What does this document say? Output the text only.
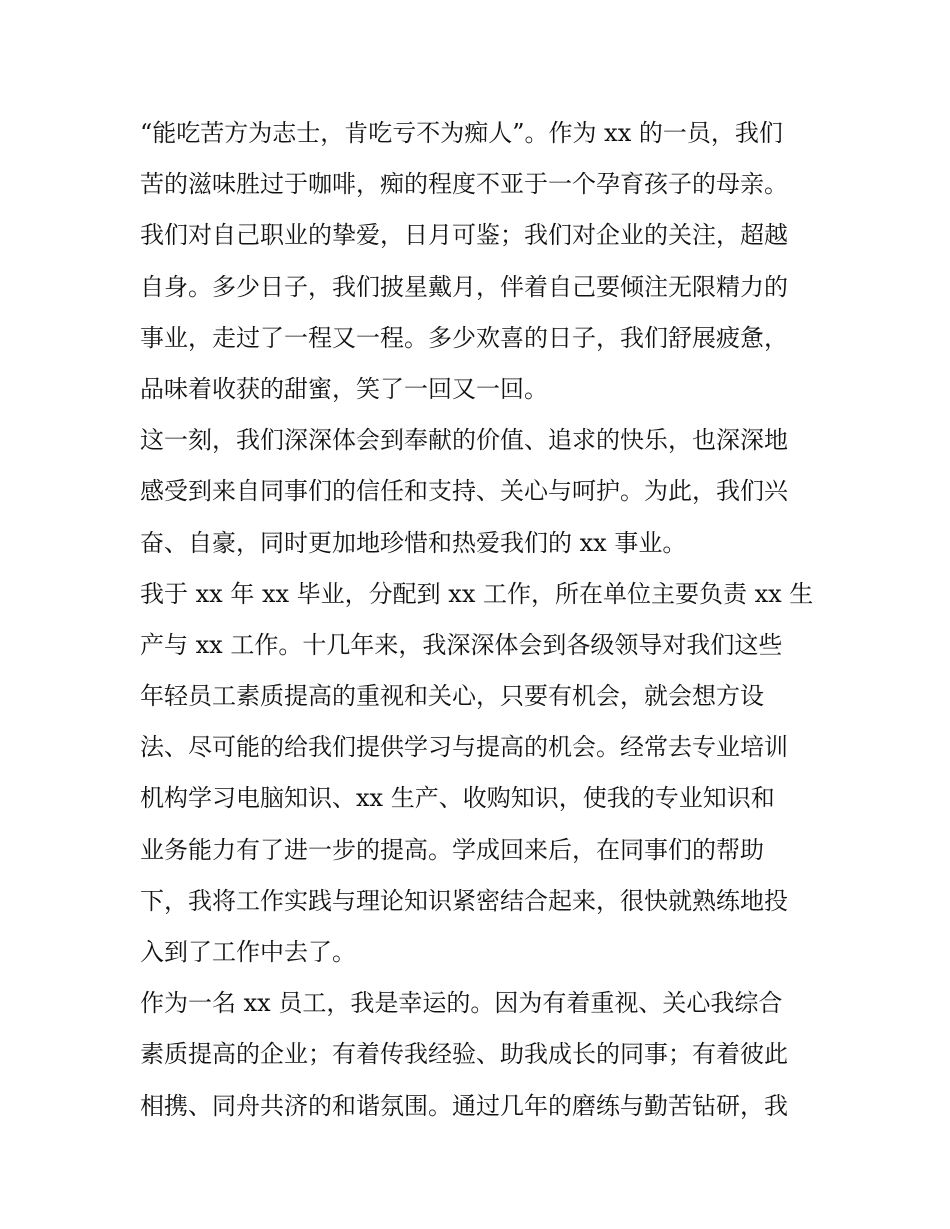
“能吃苦方为志士，肯吃亏不为痴人”。作为 xx 的一员，我们
苦的滋味胜过于咖啡，痴的程度不亚于一个孕育孩子的母亲。
我们对自己职业的挚爱，日月可鉴；我们对企业的关注，超越
自身。多少日子，我们披星戴月，伴着自己要倾注无限精力的
事业，走过了一程又一程。多少欢喜的日子，我们舒展疲惫，
品味着收获的甜蜜，笑了一回又一回。
这一刻，我们深深体会到奉献的价值、追求的快乐，也深深地
感受到来自同事们的信任和支持、关心与呵护。为此，我们兴
奋、自豪，同时更加地珍惜和热爱我们的 xx 事业。
我于 xx 年 xx 毕业，分配到 xx 工作，所在单位主要负责 xx 生
产与 xx 工作。十几年来，我深深体会到各级领导对我们这些
年轻员工素质提高的重视和关心，只要有机会，就会想方设
法、尽可能的给我们提供学习与提高的机会。经常去专业培训
机构学习电脑知识、xx 生产、收购知识，使我的专业知识和
业务能力有了进一步的提高。学成回来后，在同事们的帮助
下，我将工作实践与理论知识紧密结合起来，很快就熟练地投
入到了工作中去了。
作为一名 xx 员工，我是幸运的。因为有着重视、关心我综合
素质提高的企业；有着传我经验、助我成长的同事；有着彼此
相携、同舟共济的和谐氛围。通过几年的磨练与勤苦钻研，我
